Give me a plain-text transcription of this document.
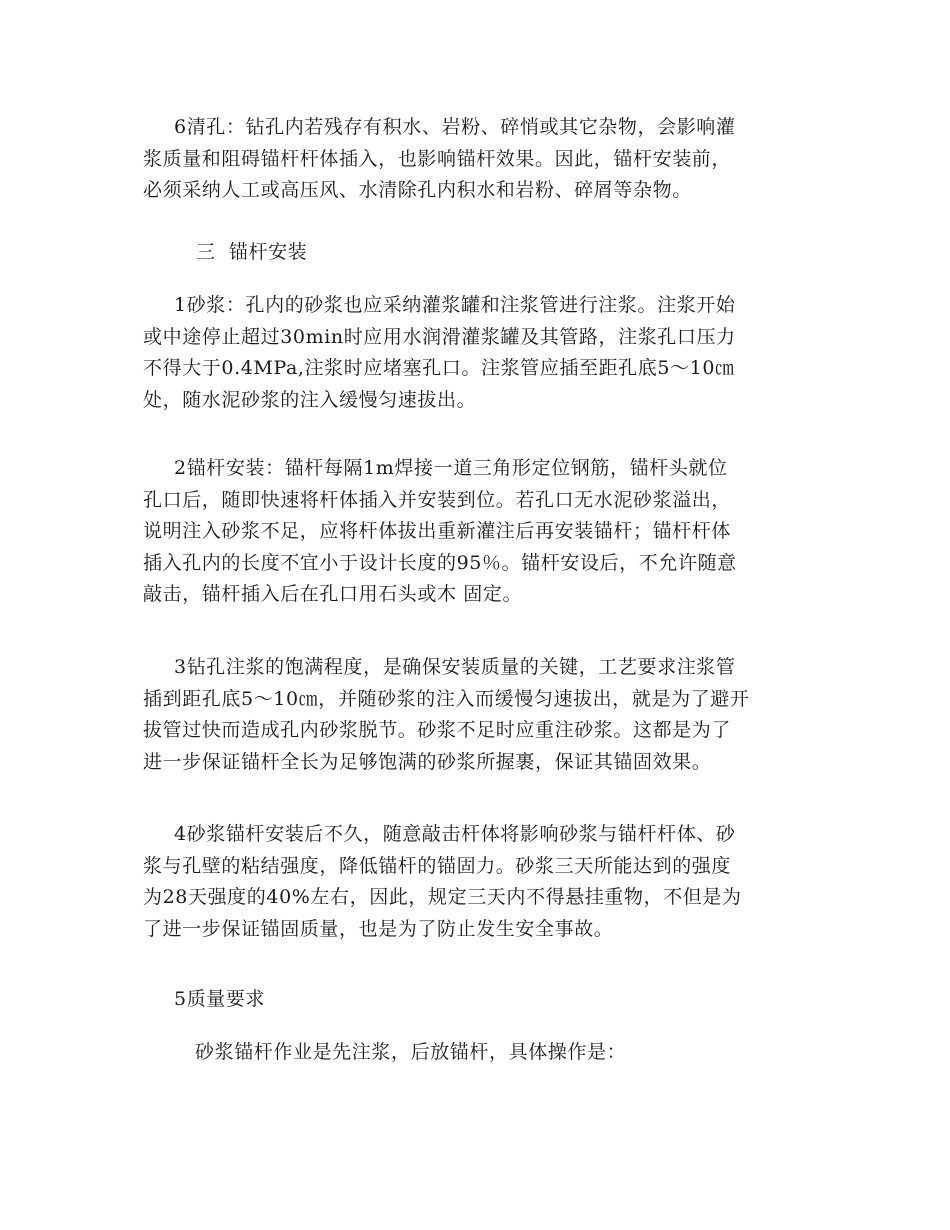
6清孔：钻孔内若残存有积水、岩粉、碎悄或其它杂物，会影响灌
浆质量和阻碍锚杆杆体插入，也影响锚杆效果。因此，锚杆安装前，
必须采纳人工或高压风、水清除孔内积水和岩粉、碎屑等杂物。
三  锚杆安装
1砂浆：孔内的砂浆也应采纳灌浆罐和注浆管进行注浆。注浆开始
或中途停止超过30min时应用水润滑灌浆罐及其管路，注浆孔口压力
不得大于0.4MPa,注浆时应堵塞孔口。注浆管应插至距孔底5～10㎝
处，随水泥砂浆的注入缓慢匀速拔出。
2锚杆安装：锚杆每隔1m焊接一道三角形定位钢筋，锚杆头就位
孔口后，随即快速将杆体插入并安装到位。若孔口无水泥砂浆溢出，
说明注入砂浆不足，应将杆体拔出重新灌注后再安装锚杆；锚杆杆体
插入孔内的长度不宜小于设计长度的95％。锚杆安设后，不允许随意
敲击，锚杆插入后在孔口用石头或木 固定。
3钻孔注浆的饱满程度，是确保安装质量的关键，工艺要求注浆管
插到距孔底5～10㎝，并随砂浆的注入而缓慢匀速拔出，就是为了避开
拔管过快而造成孔内砂浆脱节。砂浆不足时应重注砂浆。这都是为了
进一步保证锚杆全长为足够饱满的砂浆所握裹，保证其锚固效果。
4砂浆锚杆安装后不久，随意敲击杆体将影响砂浆与锚杆杆体、砂
浆与孔壁的粘结强度，降低锚杆的锚固力。砂浆三天所能达到的强度
为28天强度的40%左右，因此，规定三天内不得悬挂重物，不但是为
了进一步保证锚固质量，也是为了防止发生安全事故。
5质量要求
砂浆锚杆作业是先注浆，后放锚杆，具体操作是：
